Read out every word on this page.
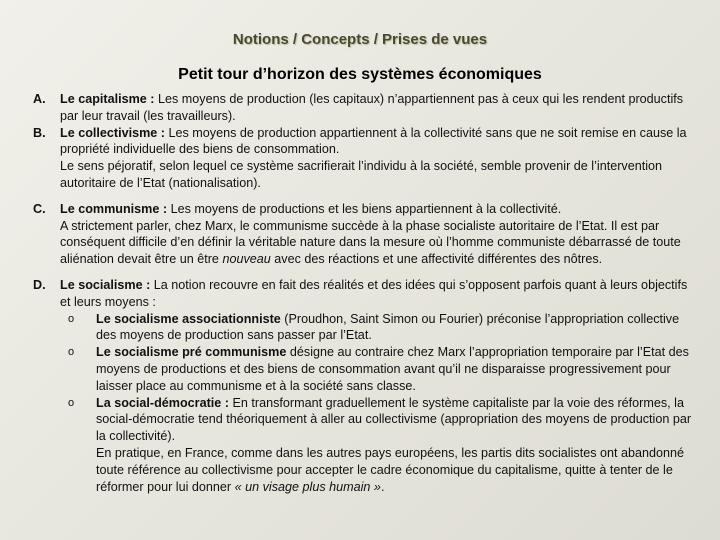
Notions / Concepts / Prises de vues
Petit tour d’horizon des systèmes économiques
A. Le capitalisme : Les moyens de production (les capitaux) n’appartiennent pas à ceux qui les rendent productifs par leur travail (les travailleurs).

B. Le collectivisme : Les moyens de production appartiennent à la collectivité sans que ne soit remise en cause la propriété individuelle des biens de consommation.

Le sens péjoratif, selon lequel ce système sacrifierait l’individu à la société, semble provenir de l’intervention autoritaire de l’Etat (nationalisation).

C. Le communisme : Les moyens de productions et les biens appartiennent à la collectivité.

A strictement parler, chez Marx, le communisme succède à la phase socialiste autoritaire de l’Etat. Il est par conséquent difficile d’en définir la véritable nature dans la mesure où l’homme communiste débarrassé de toute aliénation devait être un être nouveau avec des réactions et une affectivité différentes des nôtres.

D. Le socialisme : La notion recouvre en fait des réalités et des idées qui s’opposent parfois quant à leurs objectifs et leurs moyens :

o Le socialisme associationniste (Proudhon, Saint Simon ou Fourier) préconise l’appropriation collective des moyens de production sans passer par l’Etat.

o Le socialisme pré communisme désigne au contraire chez Marx l’appropriation temporaire par l’Etat des moyens de productions et des biens de consommation avant qu’il ne disparaisse progressivement pour laisser place au communisme et à la société sans classe.

o La social-démocratie : En transformant graduellement le système capitaliste par la voie des réformes, la social-démocratie tend théoriquement à aller au collectivisme (appropriation des moyens de production par la collectivité).

En pratique, en France, comme dans les autres pays européens, les partis dits socialistes ont abandonné toute référence au collectivisme pour accepter le cadre économique du capitalisme, quitte à tenter de le réformer pour lui donner « un visage plus humain ».
